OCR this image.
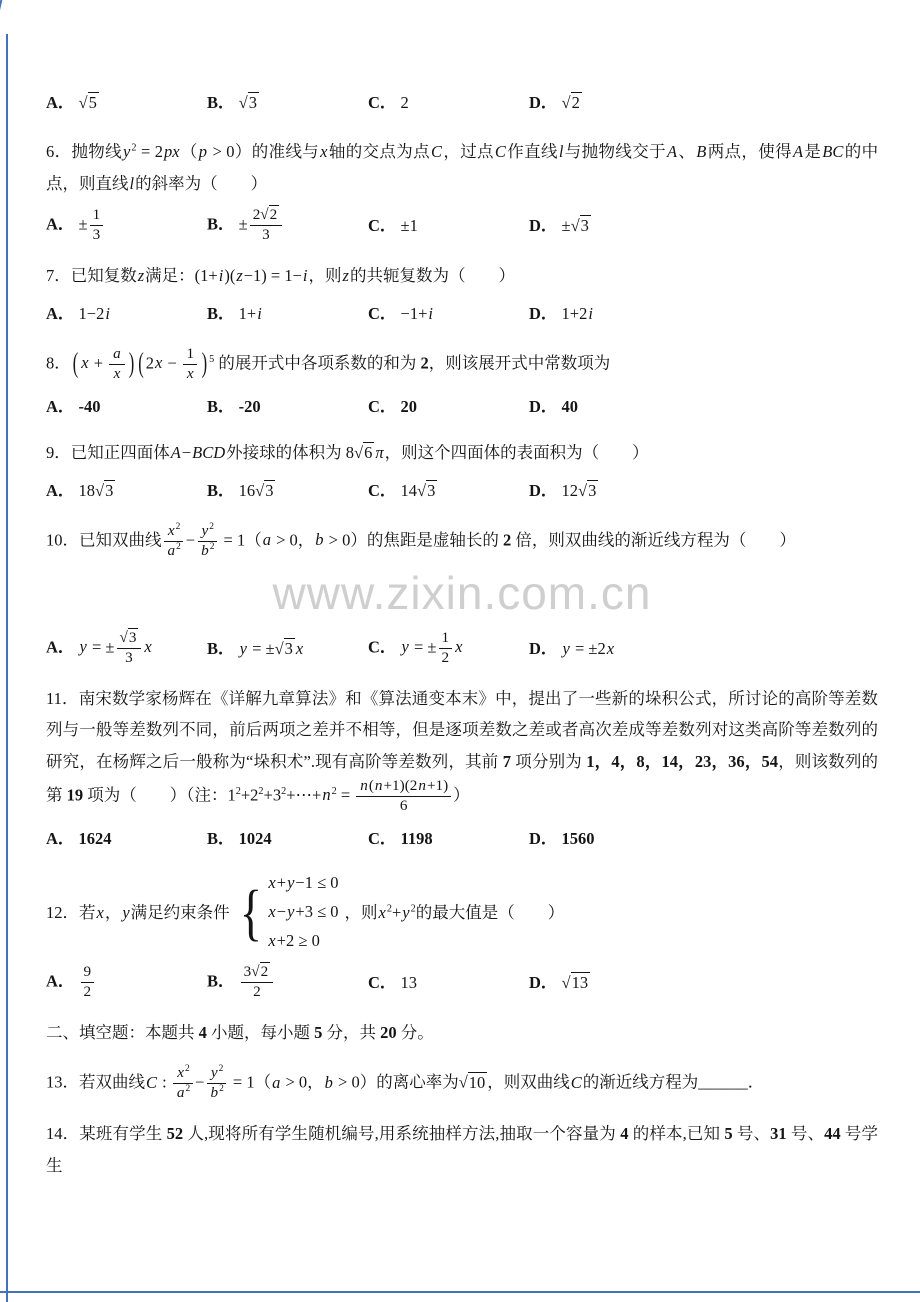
A． √5	B． √3	C． 2	D． √2

6．抛物线$y^2 = 2px(p > 0)$的准线与x轴的交点为点C，过点C作直线l与抛物线交于A、B两点，使得A是BC的中点，则直线l的斜率为（　　）

A． ± $\frac{1}{3}$	B． ± $\frac{2√2}{3}$	C． ±1	D． ±√3

7．已知复数z满足：(1+i)(z−1) = 1−i，则z的共轭复数为（　　）

A． 1−2i	B． 1+i	C． −1+i	D． 1+2i

8． ( $x + \frac{a}{x}$ ) ( $2x - \frac{1}{x}$ ) $^5$ 的展开式中各项系数的和为 2，则该展开式中常数项为

A． -40	B． -20	C． 20	D． 40

9．已知正四面体A−BCD外接球的体积为 8√6 π，则这个四面体的表面积为（　　）

A． 18√3	B． 16√3	C． 14√3	D． 12√3

10．已知双曲线 $\frac{x^2}{a^2} - \frac{y^2}{b^2} = 1(a > 0$，b > 0）的焦距是虚轴长的 2 倍，则双曲线的渐近线方程为（　　）

www.zixin.com.cn
A． y = ± $\frac{√3}{3}$ x	B． y = ±√3 x	C． y = ± $\frac{1}{2}$ x	D． y = ±2x

11．南宋数学家杨辉在《详解九章算法》和《算法通变本末》中，提出了一些新的垛积公式，所讨论的高阶等差数列与一般等差数列不同，前后两项之差并不相等，但是逐项差数之差或者高次差成等差数列对这类高阶等差数列的研究，在杨辉之后一般称为“垛积术”.现有高阶等差数列，其前 7 项分别为 1，4，8，14，23，36，54，则该数列的第 19 项为（　　）（注：$1^2+2^2+3^2+\cdots+n^2 = \frac{n(n+1)(2n+1)}{6}$ ）

A． 1624	B． 1024	C． 1198	D． 1560
12．若x，y满足约束条件 { x+y−1 ≤ 0
x−y+3 ≤ 0
x+2 ≥ 0
，则$x^2+y^2$的最大值是（　　）
A． $\frac{9}{2}$	B． $\frac{3√2}{2}$	C． 13	D． √13

二、填空题：本题共 4 小题，每小题 5 分，共 20 分。

13．若双曲线C : $\frac{x^2}{a^2} - \frac{y^2}{b^2} = 1(a > 0$，b > 0）的离心率为√10 ，则双曲线C的渐近线方程为______．

14．某班有学生 52 人,现将所有学生随机编号,用系统抽样方法,抽取一个容量为 4 的样本,已知 5 号、31 号、44 号学生
